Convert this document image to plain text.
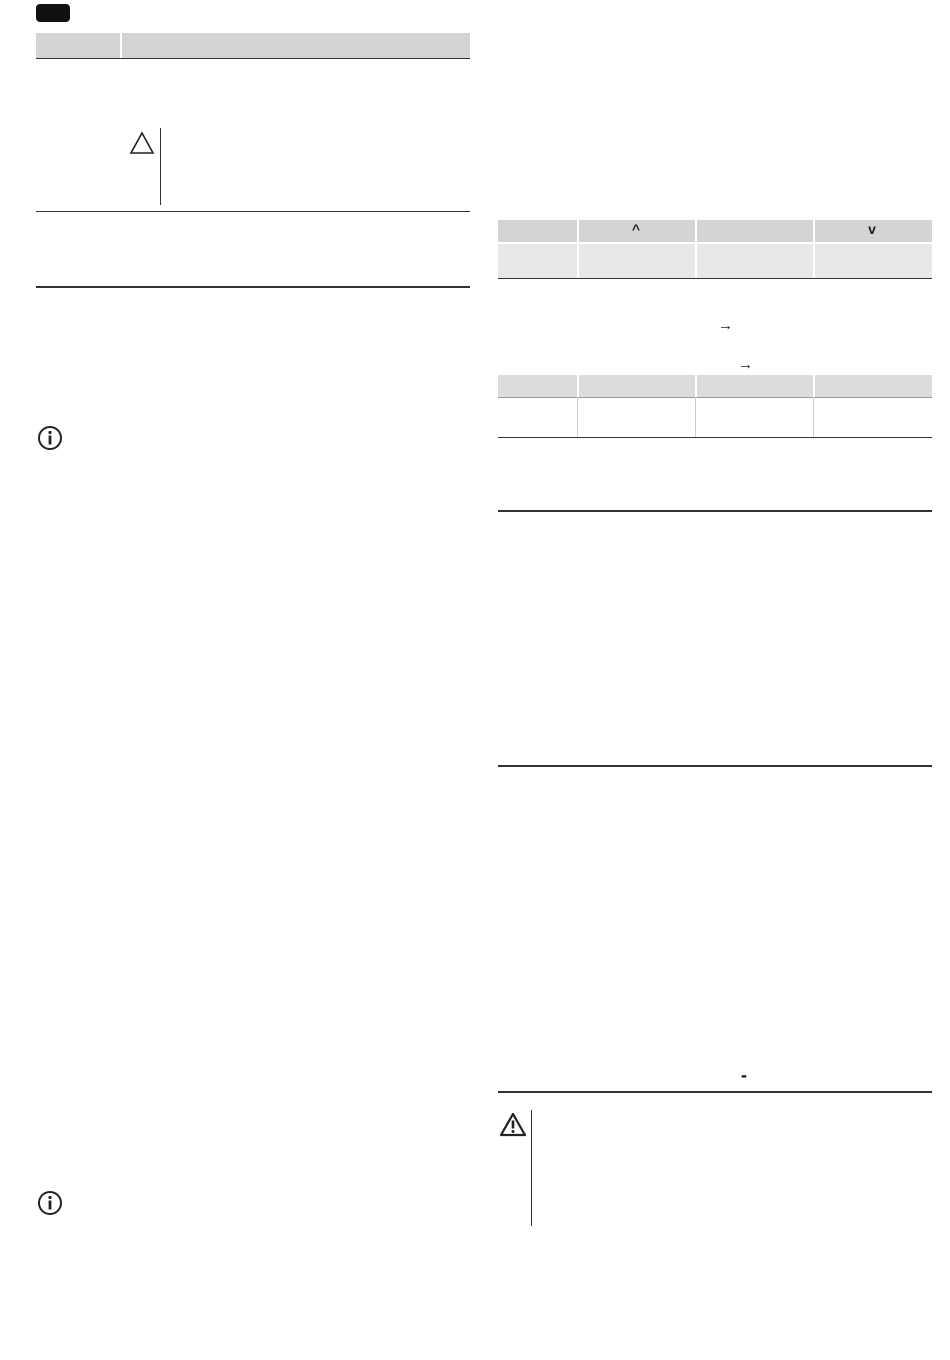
^	v
→
→
-
